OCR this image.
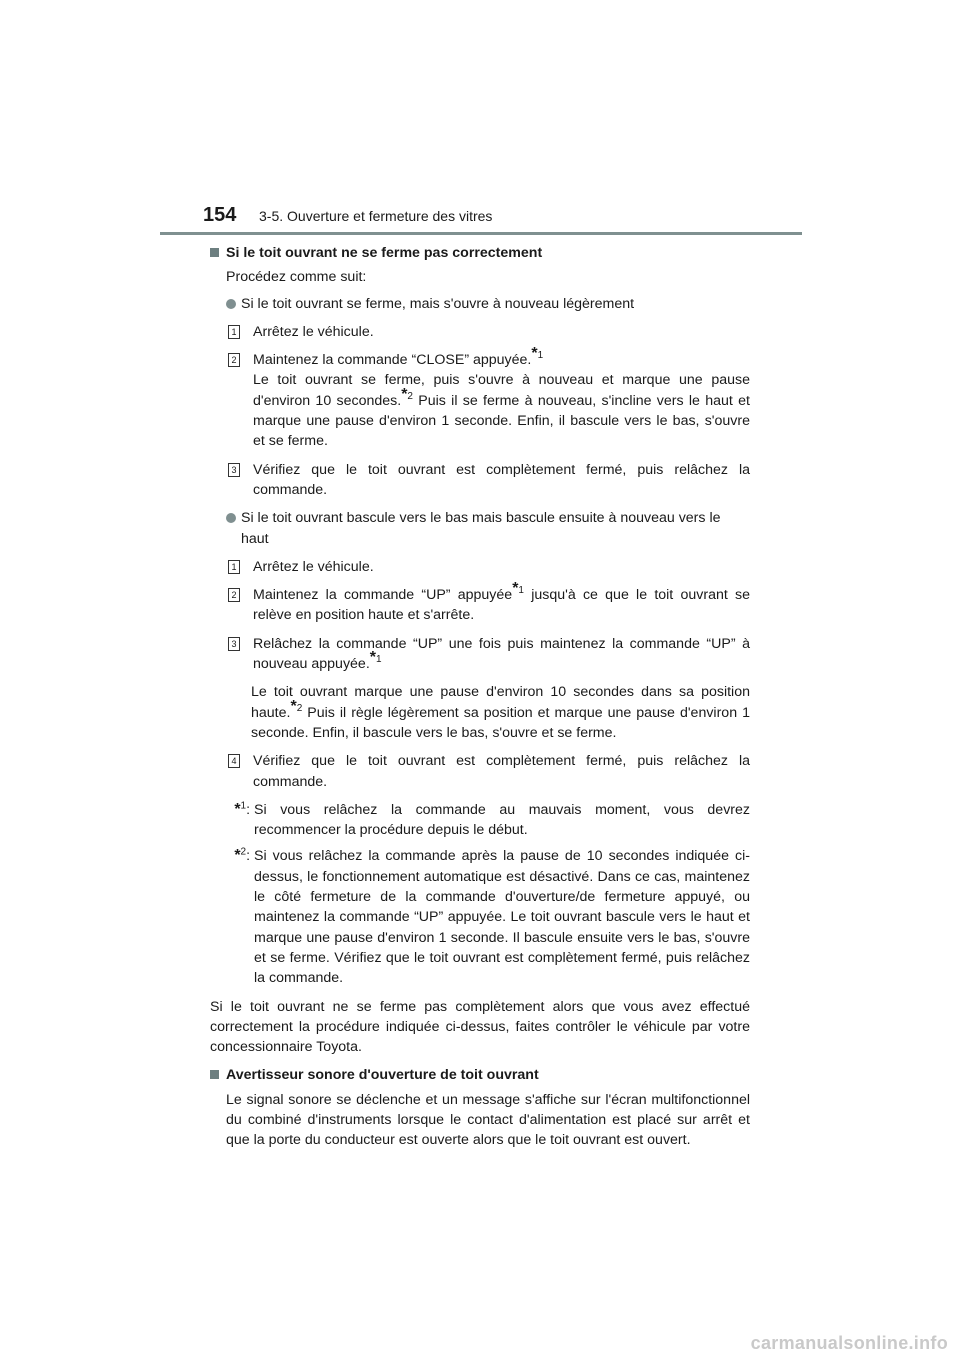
154 3-5. Ouverture et fermeture des vitres
Si le toit ouvrant ne se ferme pas correctement
Procédez comme suit:
Si le toit ouvrant se ferme, mais s'ouvre à nouveau légèrement
1 Arrêtez le véhicule.
2 Maintenez la commande “CLOSE” appuyée.$^{*1}$
Le toit ouvrant se ferme, puis s'ouvre à nouveau et marque une pause d'environ 10 secondes.$^{*2}$ Puis il se ferme à nouveau, s'incline vers le haut et marque une pause d'environ 1 seconde. Enfin, il bascule vers le bas, s'ouvre et se ferme.
3 Vérifiez que le toit ouvrant est complètement fermé, puis relâchez la commande.
Si le toit ouvrant bascule vers le bas mais bascule ensuite à nouveau vers le haut
1 Arrêtez le véhicule.
2 Maintenez la commande “UP” appuyée$^{*1}$ jusqu'à ce que le toit ouvrant se relève en position haute et s'arrête.
3 Relâchez la commande “UP” une fois puis maintenez la commande “UP” à nouveau appuyée.$^{*1}$
Le toit ouvrant marque une pause d'environ 10 secondes dans sa position haute.$^{*2}$ Puis il règle légèrement sa position et marque une pause d'environ 1 seconde. Enfin, il bascule vers le bas, s'ouvre et se ferme.
4 Vérifiez que le toit ouvrant est complètement fermé, puis relâchez la commande.
*$^1$: Si vous relâchez la commande au mauvais moment, vous devrez recommencer la procédure depuis le début.
*$^2$: Si vous relâchez la commande après la pause de 10 secondes indiquée ci-dessus, le fonctionnement automatique est désactivé. Dans ce cas, maintenez le côté fermeture de la commande d'ouverture/de fermeture appuyé, ou maintenez la commande “UP” appuyée. Le toit ouvrant bascule vers le haut et marque une pause d'environ 1 seconde. Il bascule ensuite vers le bas, s'ouvre et se ferme. Vérifiez que le toit ouvrant est complètement fermé, puis relâchez la commande.
Si le toit ouvrant ne se ferme pas complètement alors que vous avez effectué correctement la procédure indiquée ci-dessus, faites contrôler le véhicule par votre concessionnaire Toyota.
Avertisseur sonore d'ouverture de toit ouvrant
Le signal sonore se déclenche et un message s'affiche sur l'écran multifonctionnel du combiné d'instruments lorsque le contact d'alimentation est placé sur arrêt et que la porte du conducteur est ouverte alors que le toit ouvrant est ouvert.
carmanualsonline.info
